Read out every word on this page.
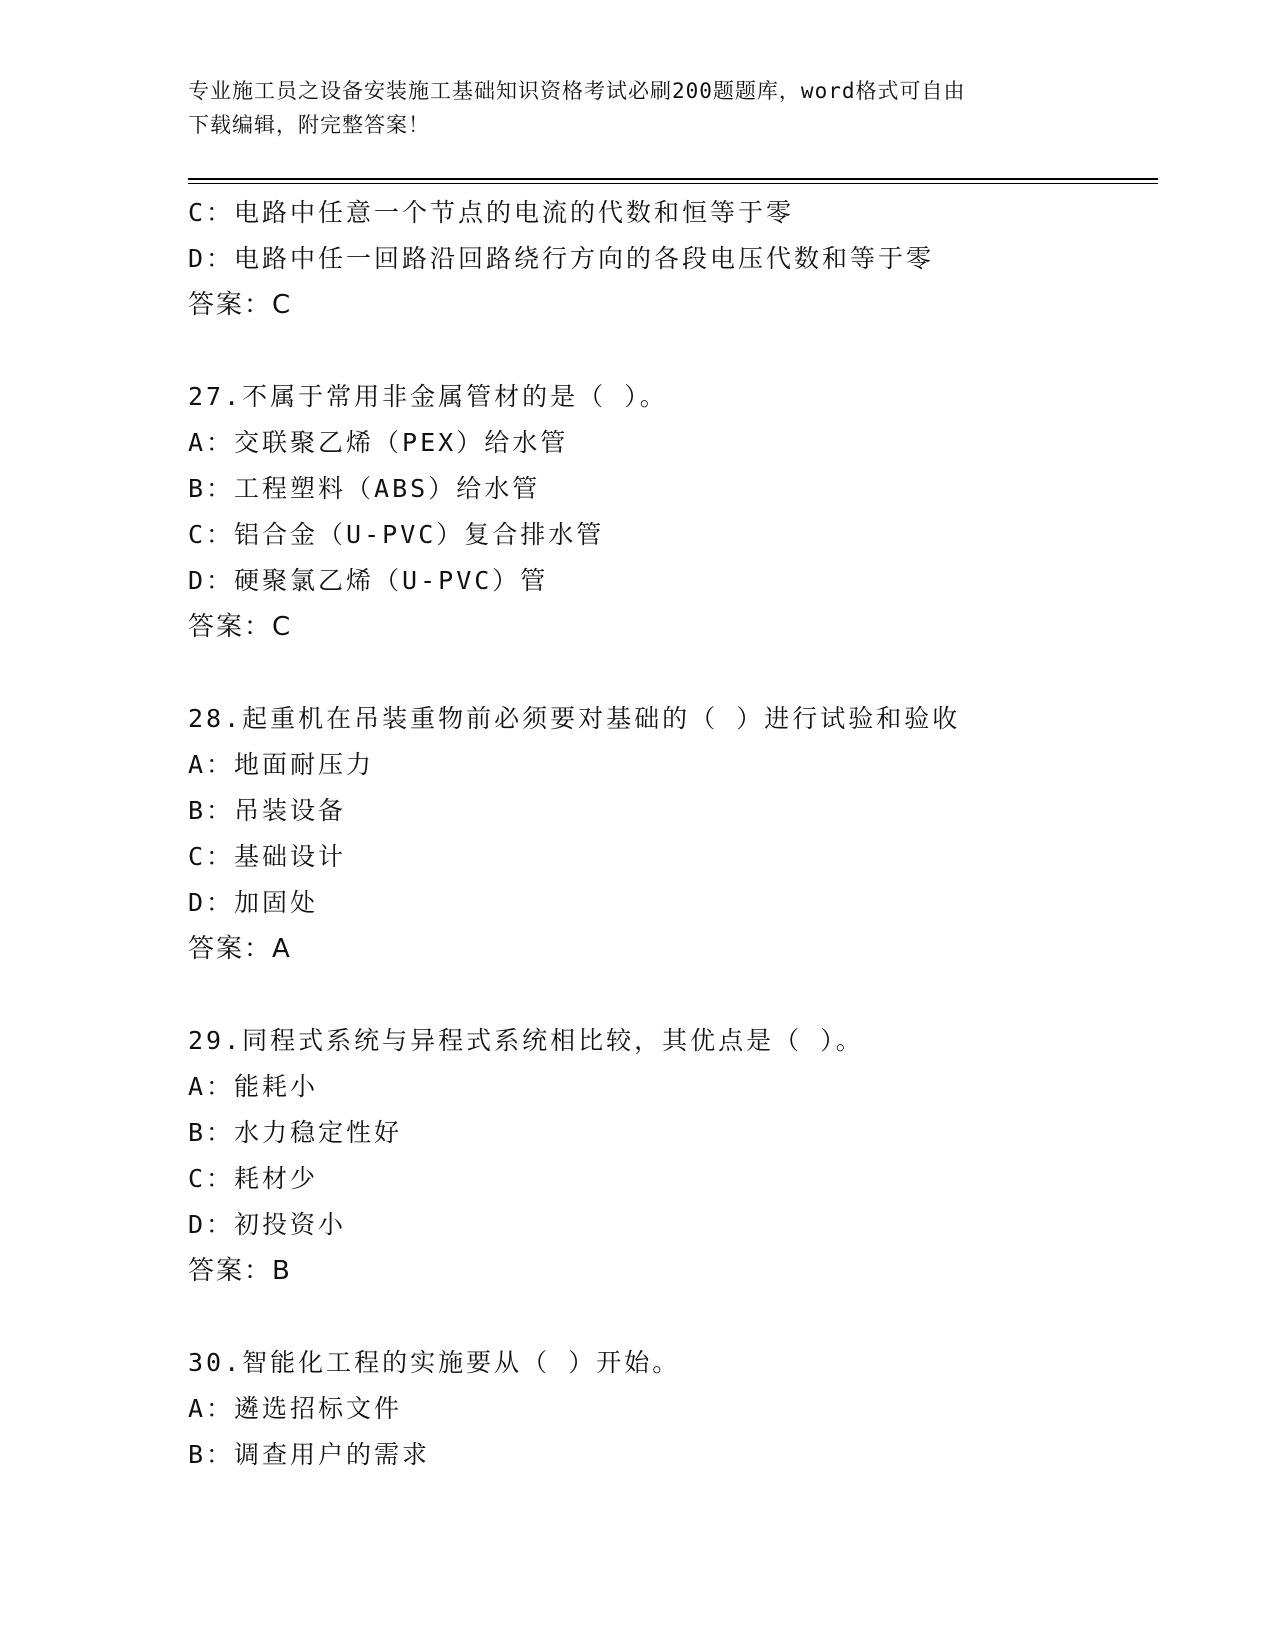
专业施工员之设备安装施工基础知识资格考试必刷200题题库，word格式可自由
下载编辑，附完整答案！
C：电路中任意一个节点的电流的代数和恒等于零
D：电路中任一回路沿回路绕行方向的各段电压代数和等于零
答案：C
27.不属于常用非金属管材的是（ ）。
A：交联聚乙烯（PEX）给水管
B：工程塑料（ABS）给水管
C：铝合金（U-PVC）复合排水管
D：硬聚氯乙烯（U-PVC）管
答案：C
28.起重机在吊装重物前必须要对基础的（ ）进行试验和验收
A：地面耐压力
B：吊装设备
C：基础设计
D：加固处
答案：A
29.同程式系统与异程式系统相比较，其优点是（ ）。
A：能耗小
B：水力稳定性好
C：耗材少
D：初投资小
答案：B
30.智能化工程的实施要从（ ）开始。
A：遴选招标文件
B：调查用户的需求
